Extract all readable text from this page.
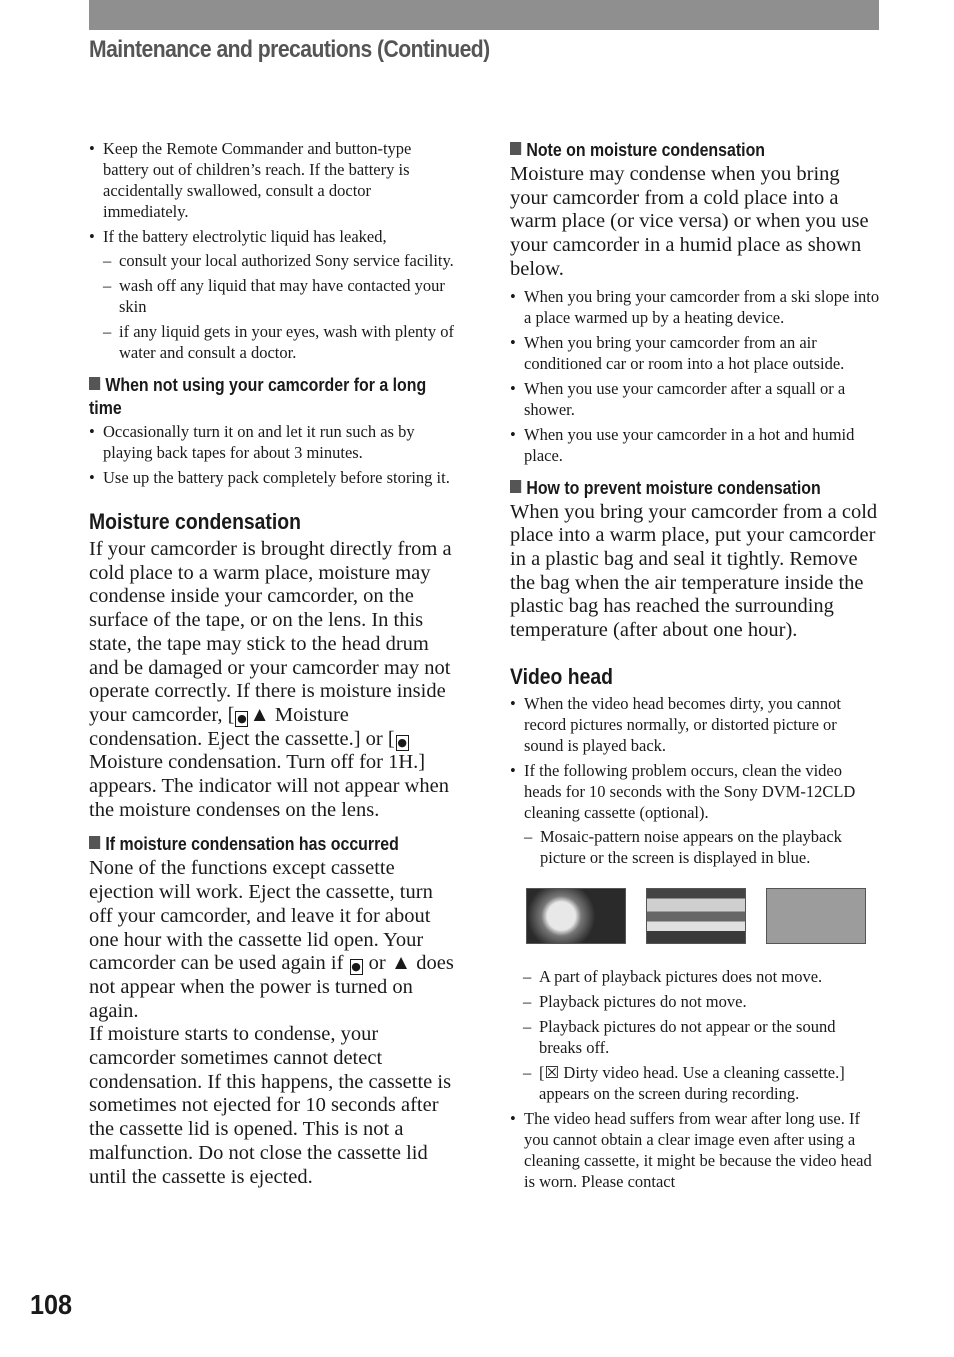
Maintenance and precautions (Continued)
• Keep the Remote Commander and button-type battery out of children’s reach. If the battery is accidentally swallowed, consult a doctor immediately.
• If the battery electrolytic liquid has leaked,
– consult your local authorized Sony service facility.
– wash off any liquid that may have contacted your skin
– if any liquid gets in your eyes, wash with plenty of water and consult a doctor.
When not using your camcorder for a long time
• Occasionally turn it on and let it run such as by playing back tapes for about 3 minutes.
• Use up the battery pack completely before storing it.
Moisture condensation

If your camcorder is brought directly from a cold place to a warm place, moisture may condense inside your camcorder, on the surface of the tape, or on the lens. In this state, the tape may stick to the head drum and be damaged or your camcorder may not operate correctly. If there is moisture inside your camcorder, [ ● ▲ Moisture condensation. Eject the cassette.] or [ ● Moisture condensation. Turn off for 1H.] appears. The indicator will not appear when the moisture condenses on the lens.

If moisture condensation has occurred

None of the functions except cassette ejection will work. Eject the cassette, turn off your camcorder, and leave it for about one hour with the cassette lid open. Your camcorder can be used again if ● or ▲ does not appear when the power is turned on again.

If moisture starts to condense, your camcorder sometimes cannot detect condensation. If this happens, the cassette is sometimes not ejected for 10 seconds after the cassette lid is opened. This is not a malfunction. Do not close the cassette lid until the cassette is ejected.

Note on moisture condensation

Moisture may condense when you bring your camcorder from a cold place into a warm place (or vice versa) or when you use your camcorder in a humid place as shown below.

• When you bring your camcorder from a ski slope into a place warmed up by a heating device.
• When you bring your camcorder from an air conditioned car or room into a hot place outside.
• When you use your camcorder after a squall or a shower.
• When you use your camcorder in a hot and humid place.
How to prevent moisture condensation

When you bring your camcorder from a cold place into a warm place, put your camcorder in a plastic bag and seal it tightly. Remove the bag when the air temperature inside the plastic bag has reached the surrounding temperature (after about one hour).

Video head
• When the video head becomes dirty, you cannot record pictures normally, or distorted picture or sound is played back.
• If the following problem occurs, clean the video heads for 10 seconds with the Sony DVM-12CLD cleaning cassette (optional).
– Mosaic-pattern noise appears on the playback picture or the screen is displayed in blue.
– A part of playback pictures does not move.
– Playback pictures do not move.
– Playback pictures do not appear or the sound breaks off.
– [☒ Dirty video head. Use a cleaning cassette.] appears on the screen during recording.
• The video head suffers from wear after long use. If you cannot obtain a clear image even after using a cleaning cassette, it might be because the video head is worn. Please contact
108
